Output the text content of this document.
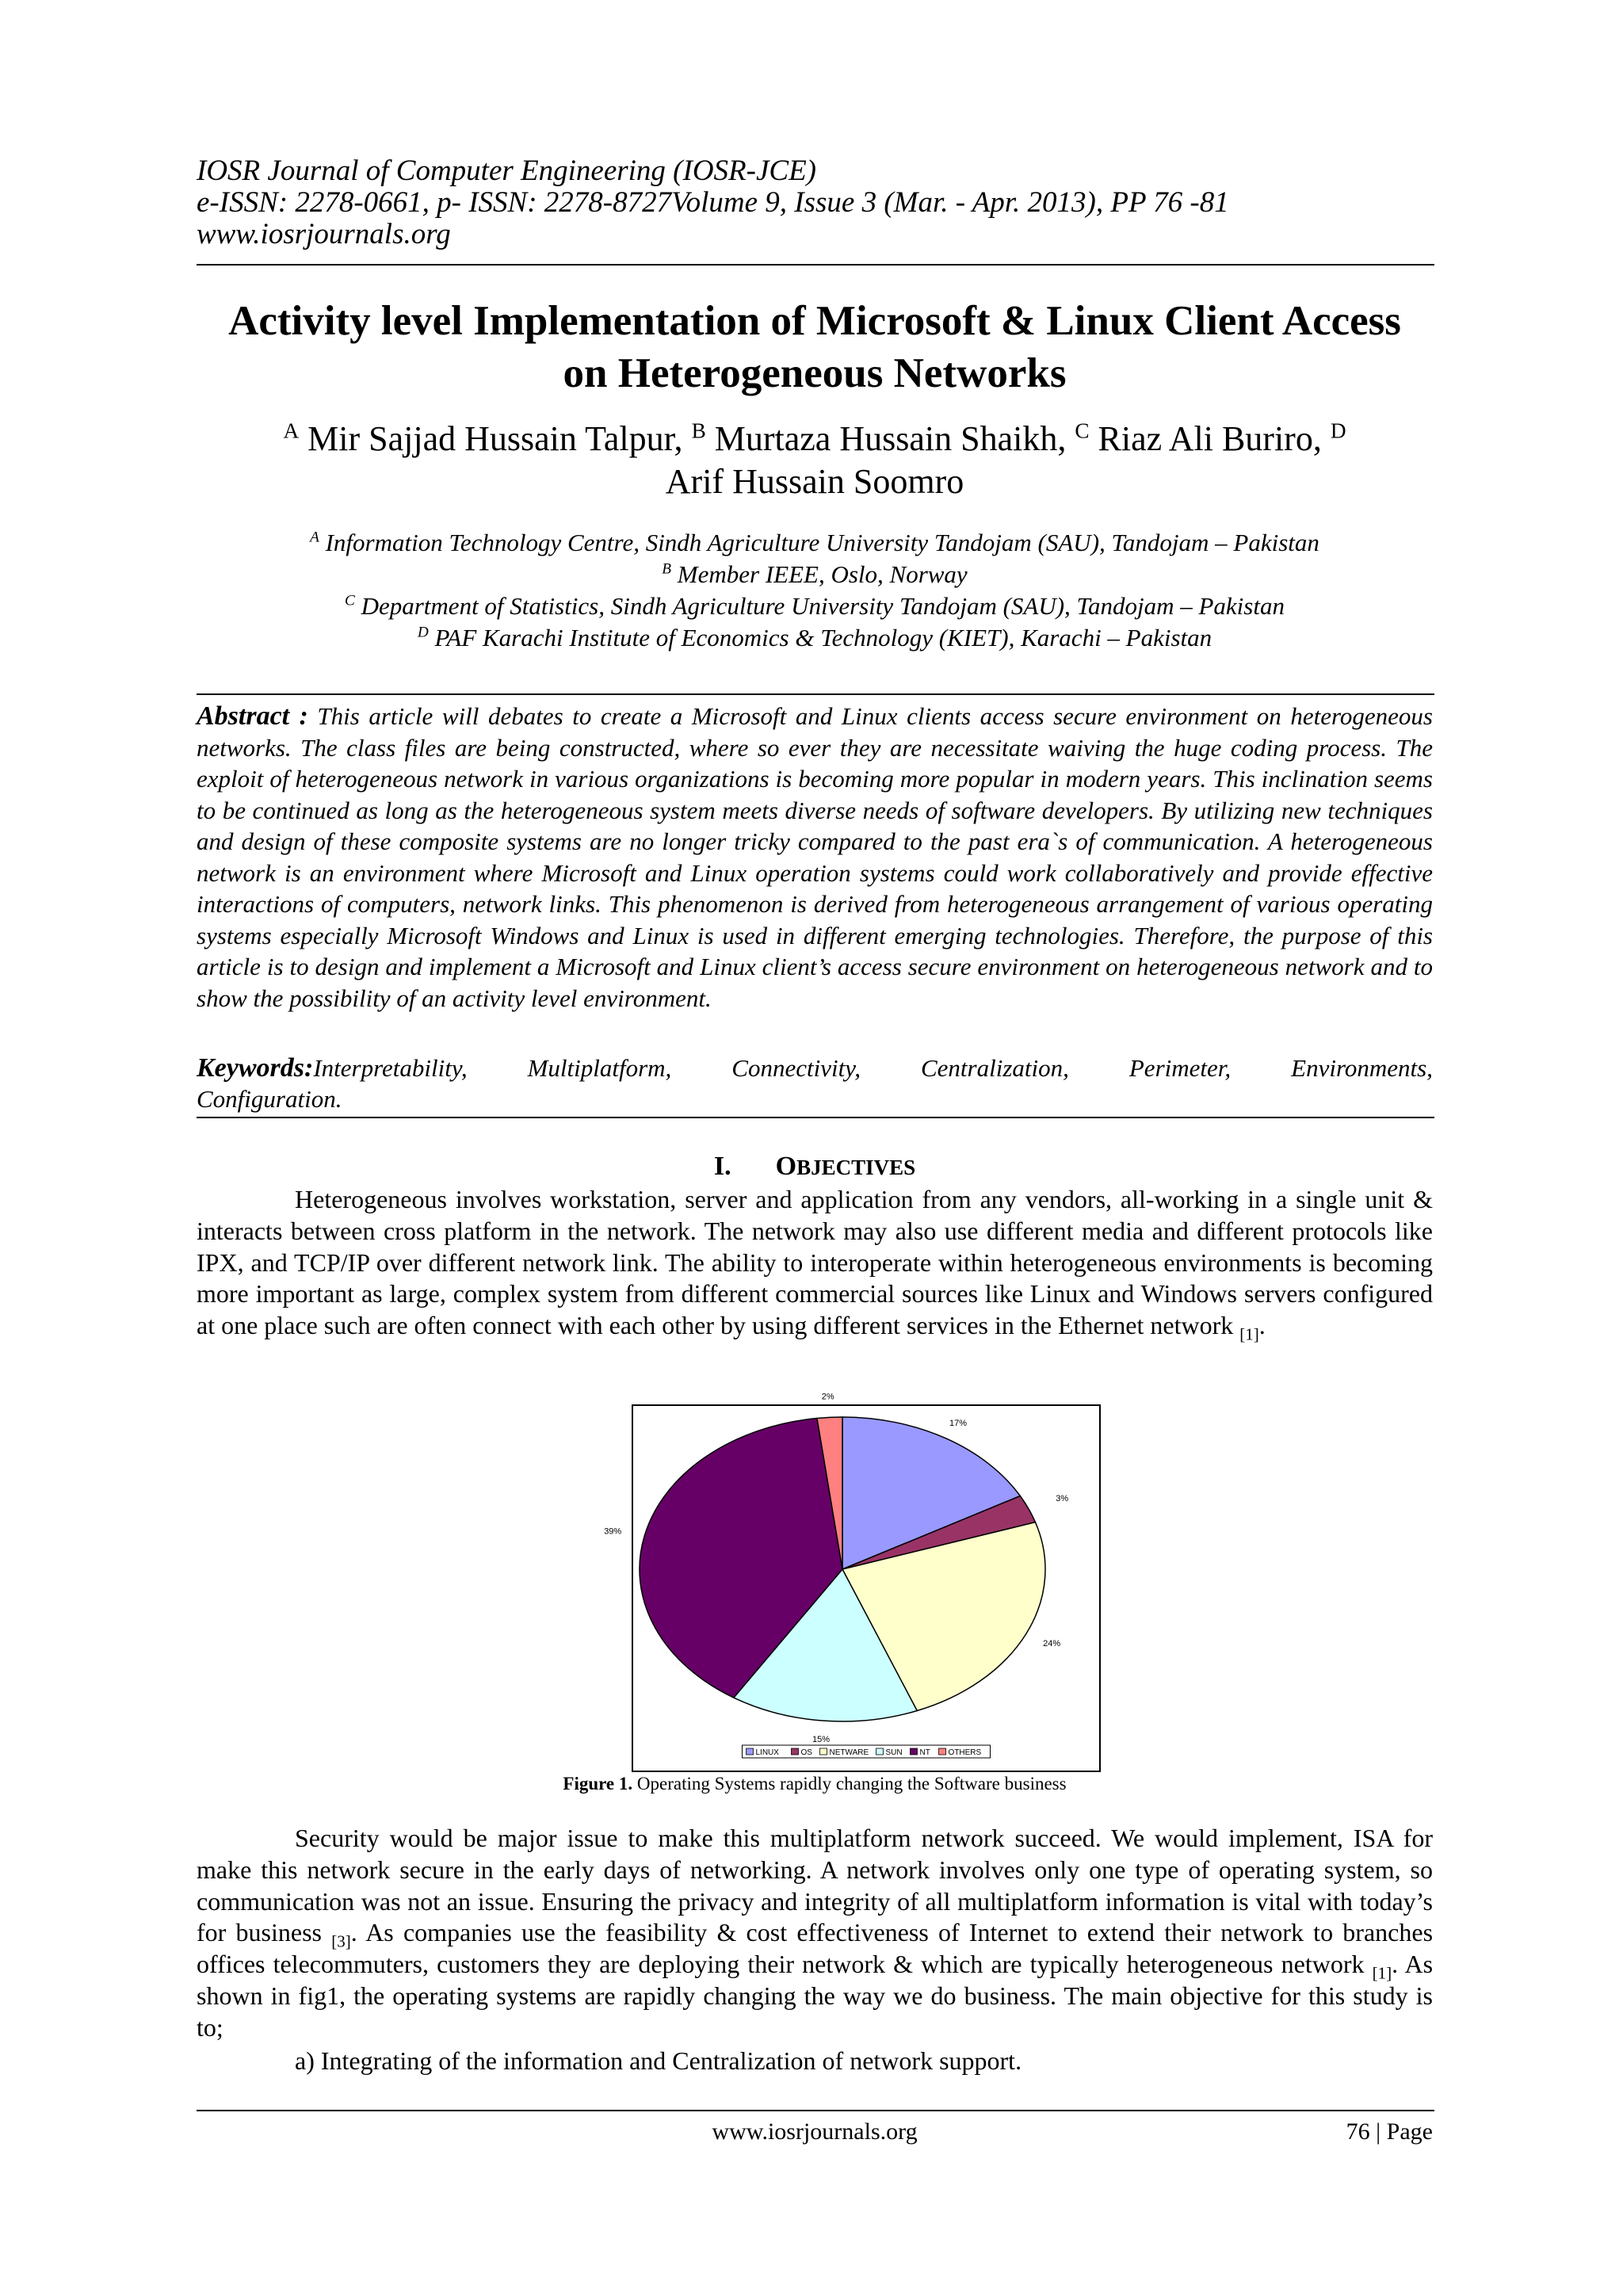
IOSR Journal of Computer Engineering (IOSR-JCE)
e-ISSN: 2278-0661, p- ISSN: 2278-8727Volume 9, Issue 3 (Mar. - Apr. 2013), PP 76 -81
www.iosrjournals.org
Activity level Implementation of Microsoft & Linux Client Access
on Heterogeneous Networks
$^A$ Mir Sajjad Hussain Talpur, $^B$ Murtaza Hussain Shaikh, $^C$ Riaz Ali Buriro, $^D$
Arif Hussain Soomro
$^A$ Information Technology Centre, Sindh Agriculture University Tandojam (SAU), Tandojam – Pakistan
$^B$ Member IEEE, Oslo, Norway
$^C$ Department of Statistics, Sindh Agriculture University Tandojam (SAU), Tandojam – Pakistan
$^D$ PAF Karachi Institute of Economics & Technology (KIET), Karachi – Pakistan
Abstract : This article will debates to create a Microsoft and Linux clients access secure environment on heterogeneous networks. The class files are being constructed, where so ever they are necessitate waiving the huge coding process. The exploit of heterogeneous network in various organizations is becoming more popular in modern years. This inclination seems to be continued as long as the heterogeneous system meets diverse needs of software developers. By utilizing new techniques and design of these composite systems are no longer tricky compared to the past era`s of communication. A heterogeneous network is an environment where Microsoft and Linux operation systems could work collaboratively and provide effective interactions of computers, network links. This phenomenon is derived from heterogeneous arrangement of various operating systems especially Microsoft Windows and Linux is used in different emerging technologies. Therefore, the purpose of this article is to design and implement a Microsoft and Linux client’s access secure environment on heterogeneous network and to show the possibility of an activity level environment.
Keywords:Interpretability, Multiplatform, Connectivity, Centralization, Perimeter, Environments,
Configuration.
I. OBJECTIVES
Heterogeneous involves workstation, server and application from any vendors, all-working in a single unit & interacts between cross platform in the network. The network may also use different media and different protocols like IPX, and TCP/IP over different network link. The ability to interoperate within heterogeneous environments is becoming more important as large, complex system from different commercial sources like Linux and Windows servers configured at one place such are often connect with each other by using different services in the Ethernet network $_{[1]}$.
17%
3%
24%
15%
39%
2%
LINUX	OS NETWARE SUN NT OTHERS
Figure 1. Operating Systems rapidly changing the Software business
Security would be major issue to make this multiplatform network succeed. We would implement, ISA for make this network secure in the early days of networking. A network involves only one type of operating system, so communication was not an issue. Ensuring the privacy and integrity of all multiplatform information is vital with today’s for business $_{[3]}$. As companies use the feasibility & cost effectiveness of Internet to extend their network to branches offices telecommuters, customers they are deploying their network & which are typically heterogeneous network $_{[1]}$. As shown in fig1, the operating systems are rapidly changing the way we do business. The main objective for this study is to;
a) Integrating of the information and Centralization of network support.
www.iosrjournals.org	76 | Page
